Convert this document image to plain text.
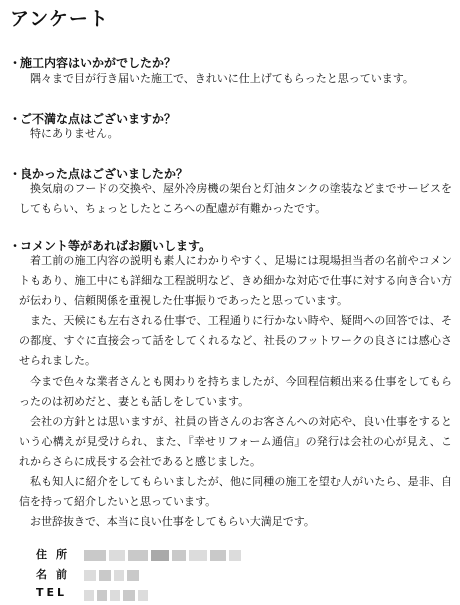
アンケート
・施工内容はいかがでしたか？

隅々まで目が行き届いた施工で、きれいに仕上げてもらったと思っています。

・ご不満な点はございますか？

特にありません。

・良かった点はございましたか？

換気扇のフードの交換や、屋外冷房機の架台と灯油タンクの塗装などまでサービスをしてもらい、ちょっとしたところへの配慮が有難かったです。

・コメント等があればお願いします。

着工前の施工内容の説明も素人にわかりやすく、足場には現場担当者の名前やコメントもあり、施工中にも詳細な工程説明など、きめ細かな対応で仕事に対する向き合い方が伝わり、信頼関係を重視した仕事振りであったと思っています。

また、天候にも左右される仕事で、工程通りに行かない時や、疑問への回答では、その都度、すぐに直接会って話をしてくれるなど、社長のフットワークの良さには感心させられました。

今まで色々な業者さんとも関わりを持ちましたが、今回程信頼出来る仕事をしてもらったのは初めだと、妻とも話しをしています。

会社の方針とは思いますが、社員の皆さんのお客さんへの対応や、良い仕事をするという心構えが見受けられ、また、『幸せリフォーム通信』の発行は会社の心が見え、これからさらに成長する会社であると感じました。

私も知人に紹介をしてもらいましたが、他に同種の施工を望む人がいたら、是非、自信を持って紹介したいと思っています。

お世辞抜きで、本当に良い仕事をしてもらい大満足です。

住所
名前
TEL
